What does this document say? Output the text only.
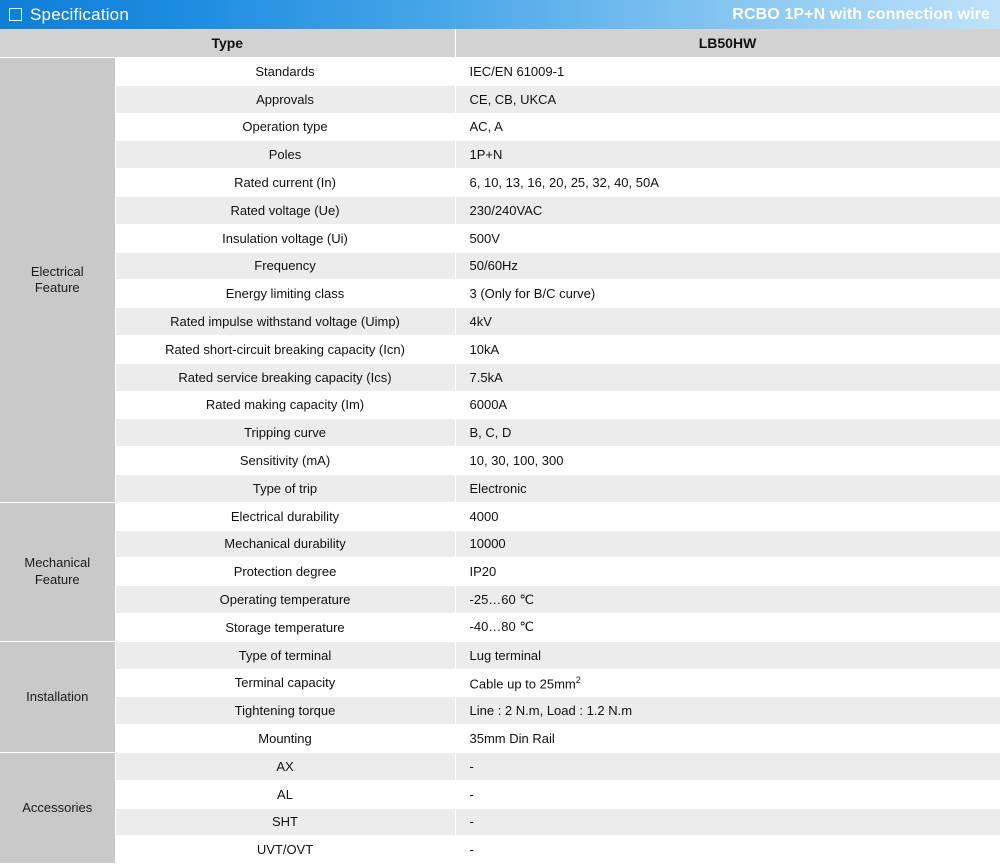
Specification	RCBO 1P+N with connection wire
Type		LB50HW
Electrical
Feature	Standards	IEC/EN 61009-1
	Approvals	CE, CB, UKCA
	Operation type	AC, A
	Poles	1P+N
	Rated current (In)	6, 10, 13, 16, 20, 25, 32, 40, 50A
	Rated voltage (Ue)	230/240VAC
	Insulation voltage (Ui)	500V
	Frequency	50/60Hz
	Energy limiting class	3 (Only for B/C curve)
	Rated impulse withstand voltage (Uimp)	4kV
	Rated short-circuit breaking capacity (Icn)	10kA
	Rated service breaking capacity (Ics)	7.5kA
	Rated making capacity (Im)	6000A
	Tripping curve	B, C, D
	Sensitivity (mA)	10, 30, 100, 300
	Type of trip	Electronic
Mechanical
Feature	Electrical durability	4000
	Mechanical durability	10000
	Protection degree	IP20
	Operating temperature	-25…60 ℃
	Storage temperature	-40…80 ℃
Installation	Type of terminal	Lug terminal
	Terminal capacity	Cable up to $25mm^2$
	Tightening torque	Line : 2 N.m, Load : 1.2 N.m
	Mounting	35mm Din Rail
Accessories	AX	-
	AL	-
	SHT	-
	UVT/OVT	-
